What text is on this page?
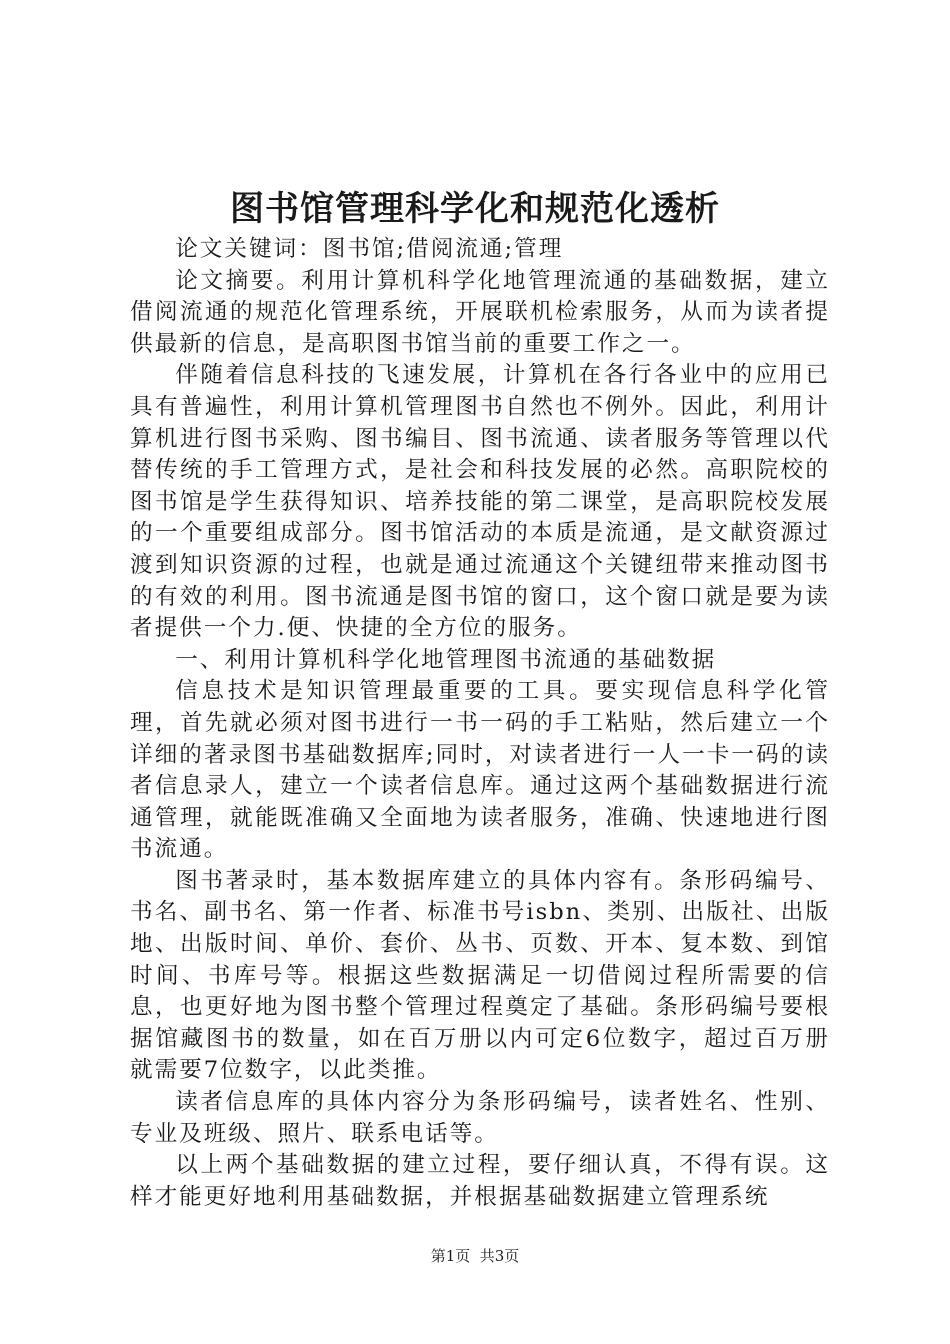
图书馆管理科学化和规范化透析

论文关键词：图书馆;借阅流通;管理

论文摘要。利用计算机科学化地管理流通的基础数据，建立借阅流通的规范化管理系统，开展联机检索服务，从而为读者提供最新的信息，是高职图书馆当前的重要工作之一。

伴随着信息科技的飞速发展，计算机在各行各业中的应用已具有普遍性，利用计算机管理图书自然也不例外。因此，利用计算机进行图书采购、图书编目、图书流通、读者服务等管理以代替传统的手工管理方式，是社会和科技发展的必然。高职院校的图书馆是学生获得知识、培养技能的第二课堂，是高职院校发展的一个重要组成部分。图书馆活动的本质是流通，是文献资源过渡到知识资源的过程，也就是通过流通这个关键纽带来推动图书的有效的利用。图书流通是图书馆的窗口，这个窗口就是要为读者提供一个力.便、快捷的全方位的服务。

一、利用计算机科学化地管理图书流通的基础数据

信息技术是知识管理最重要的工具。要实现信息科学化管理，首先就必须对图书进行一书一码的手工粘贴，然后建立一个详细的著录图书基础数据库;同时，对读者进行一人一卡一码的读者信息录人，建立一个读者信息库。通过这两个基础数据进行流通管理，就能既准确又全面地为读者服务，准确、快速地进行图书流通。

图书著录时，基本数据库建立的具体内容有。条形码编号、书名、副书名、第一作者、标准书号isbn、类别、出版社、出版地、出版时间、单价、套价、丛书、页数、开本、复本数、到馆时间、书库号等。根据这些数据满足一切借阅过程所需要的信息，也更好地为图书整个管理过程奠定了基础。条形码编号要根据馆藏图书的数量，如在百万册以内可定6位数字，超过百万册就需要7位数字，以此类推。

读者信息库的具体内容分为条形码编号，读者姓名、性别、专业及班级、照片、联系电话等。

以上两个基础数据的建立过程，要仔细认真，不得有误。这样才能更好地利用基础数据，并根据基础数据建立管理系统

第1页  共3页
